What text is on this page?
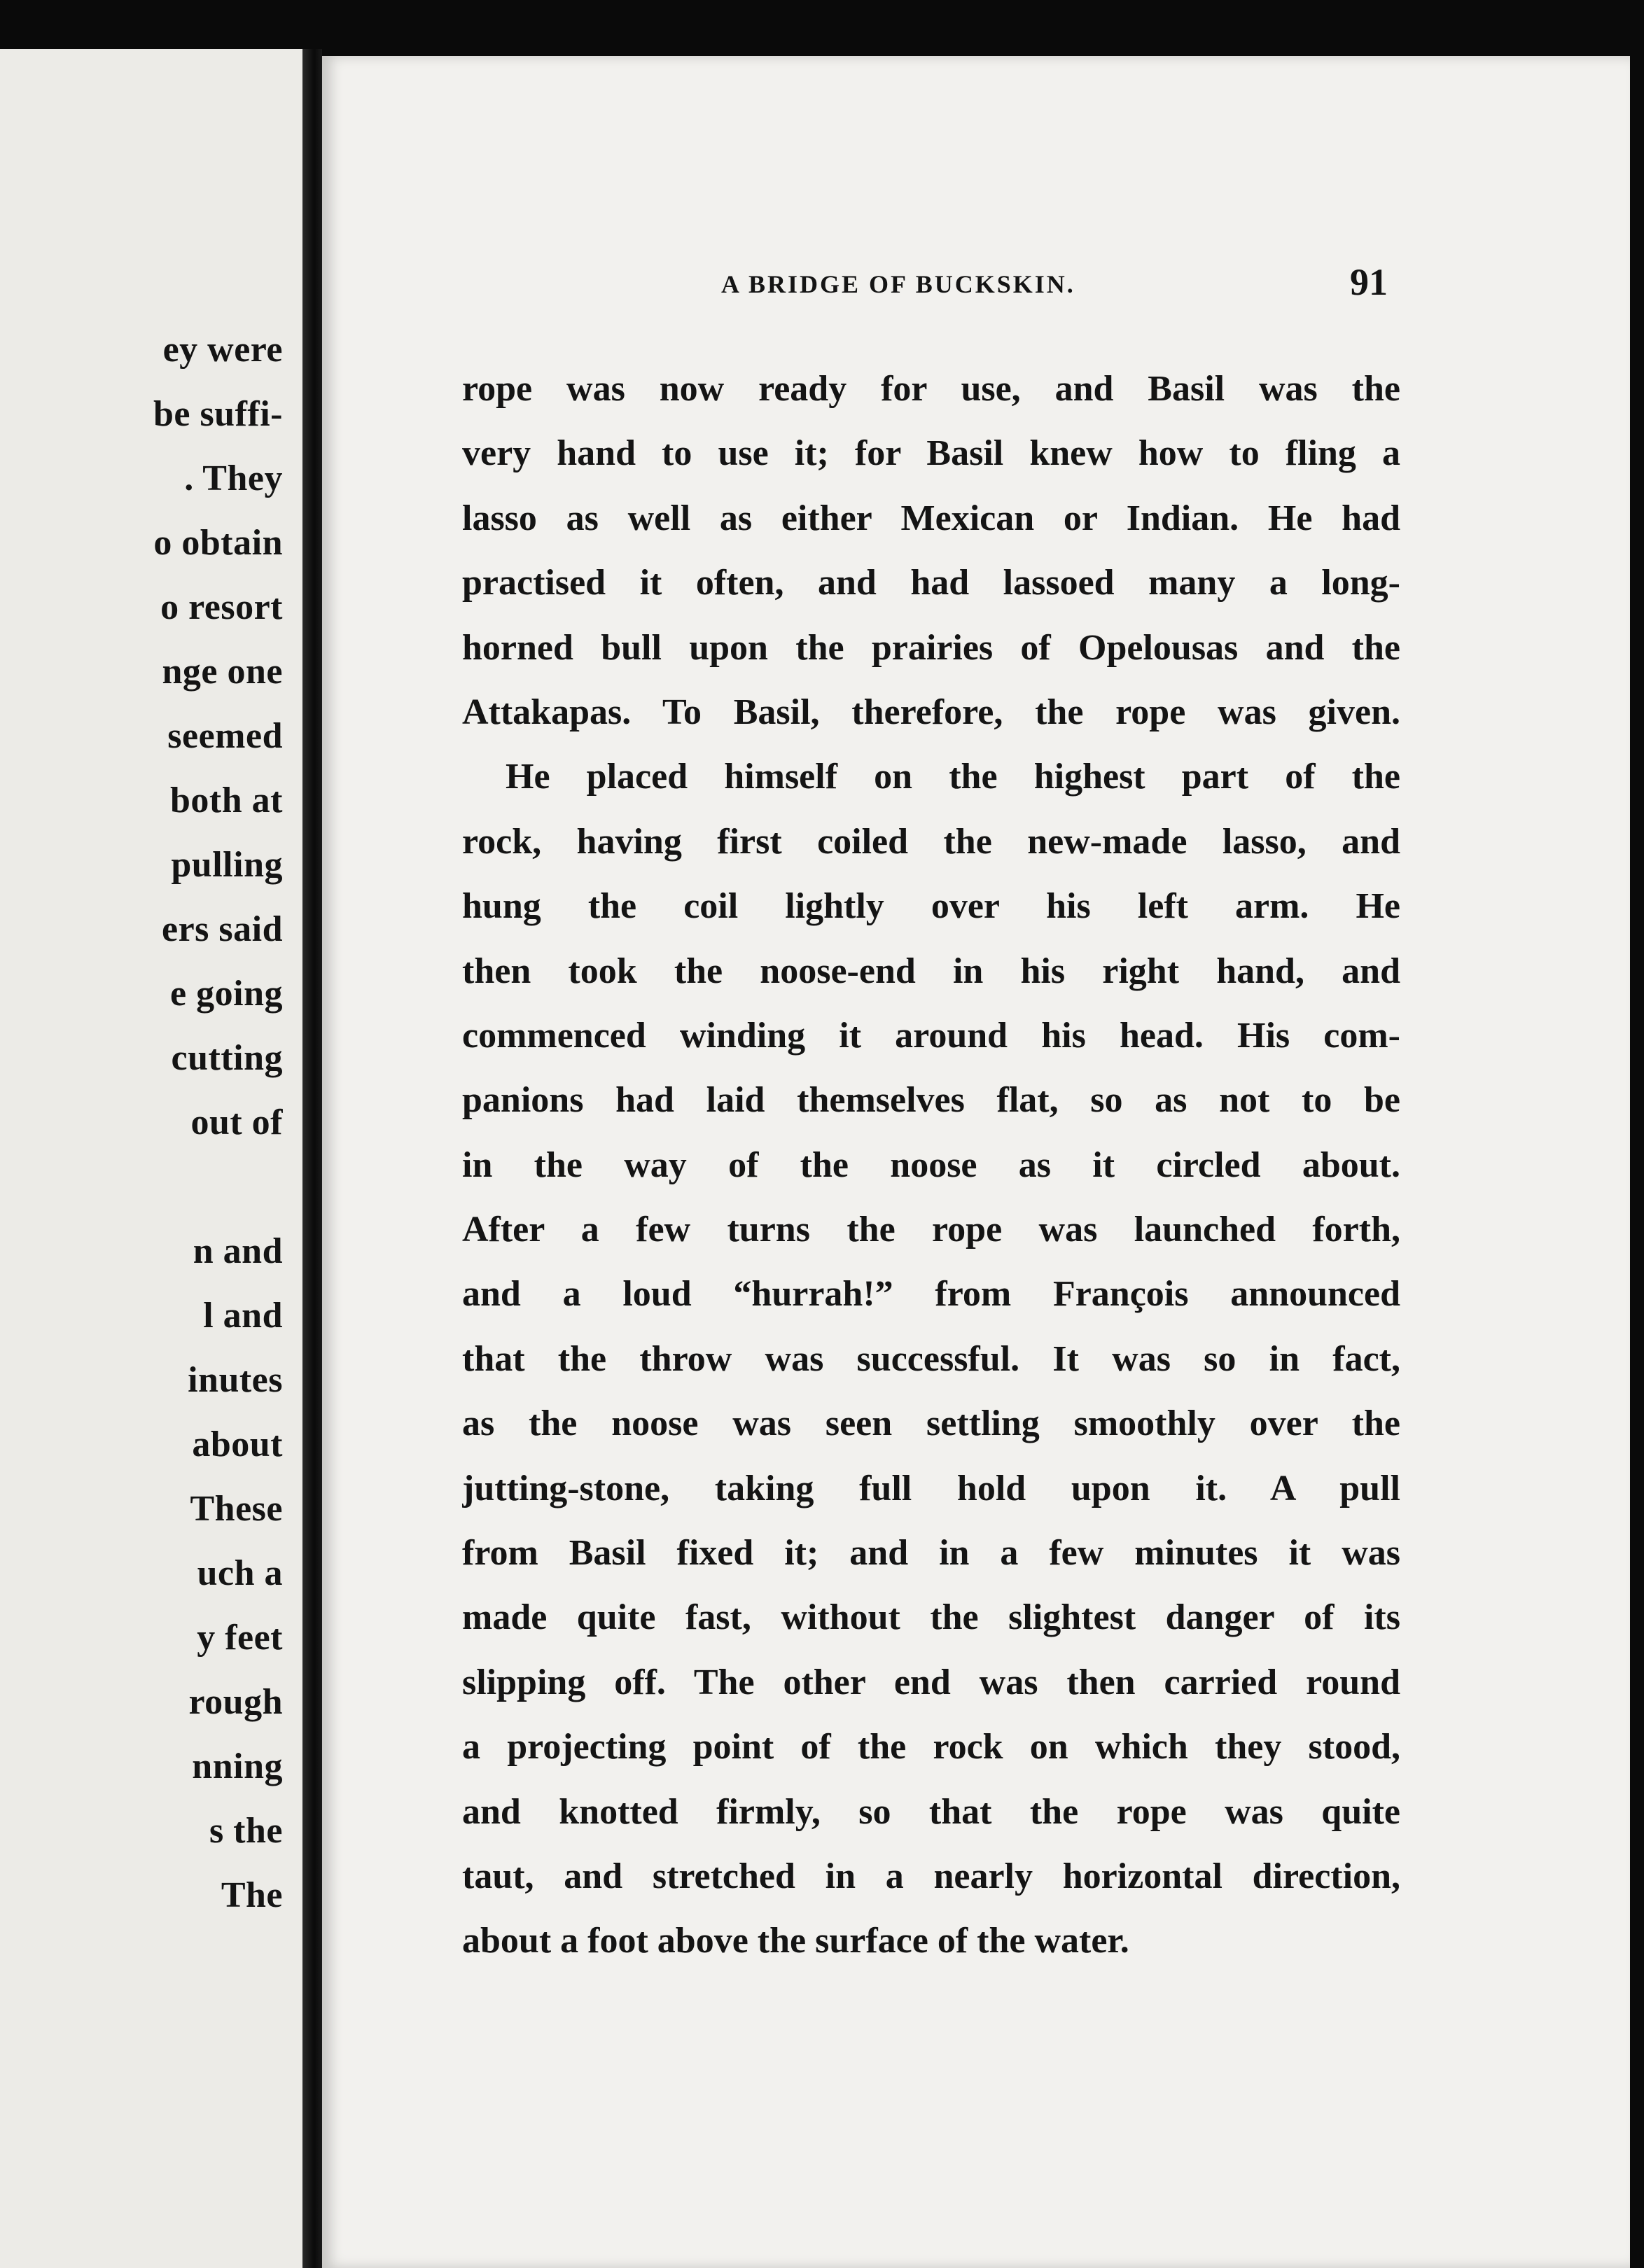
ey were
be suffi-
. They
o obtain
o resort
nge one
seemed
both at
pulling
ers said
e going
cutting
out of
n and
l and
inutes
about
These
uch a
y feet
rough
nning
s the
The
A BRIDGE OF BUCKSKIN.	91
rope was now ready for use, and Basil was the
very hand to use it; for Basil knew how to fling a
lasso as well as either Mexican or Indian. He had
practised it often, and had lassoed many a long-
horned bull upon the prairies of Opelousas and the
Attakapas. To Basil, therefore, the rope was given.
He placed himself on the highest part of the
rock, having first coiled the new-made lasso, and
hung the coil lightly over his left arm. He
then took the noose-end in his right hand, and
commenced winding it around his head. His com-
panions had laid themselves flat, so as not to be
in the way of the noose as it circled about.
After a few turns the rope was launched forth,
and a loud “hurrah!” from François announced
that the throw was successful. It was so in fact,
as the noose was seen settling smoothly over the
jutting-stone, taking full hold upon it. A pull
from Basil fixed it; and in a few minutes it was
made quite fast, without the slightest danger of its
slipping off. The other end was then carried round
a projecting point of the rock on which they stood,
and knotted firmly, so that the rope was quite
taut, and stretched in a nearly horizontal direction,
about a foot above the surface of the water.
